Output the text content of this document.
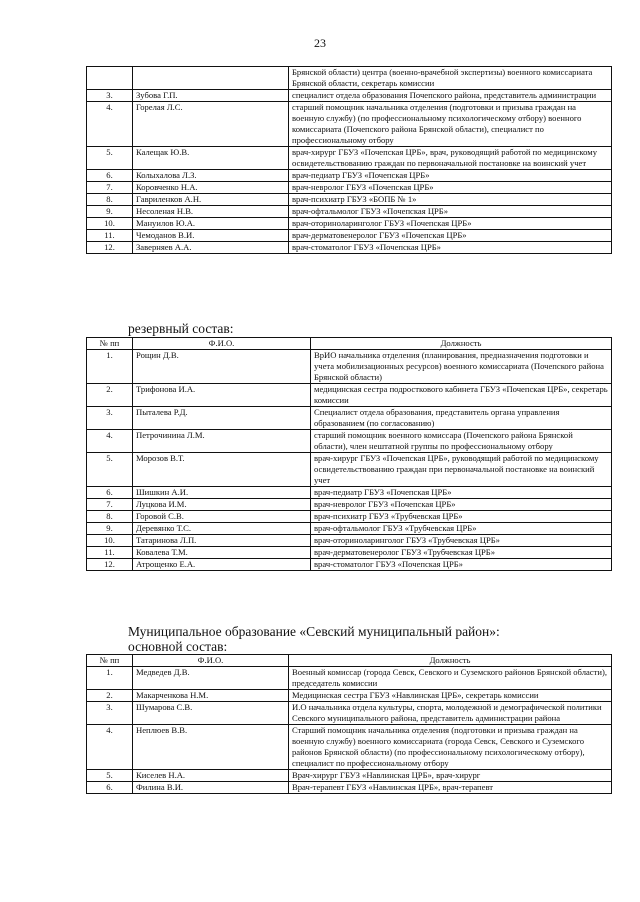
23
		Брянской области) центра (военно-врачебной экспертизы) военного комиссариата Брянской области, секретарь комиссии
3.	Зубова Г.П.	специалист отдела образования Почепского района, представитель администрации
4.	Горелая Л.С.	старший помощник начальника отделения (подготовки и призыва граждан на военную службу) (по профессиональному психологическому отбору) военного комиссариата (Почепского района Брянской области), специалист по профессиональному отбору
5.	Калещак Ю.В.	врач-хирург ГБУЗ «Почепская ЦРБ», врач, руководящий работой по медицинскому освидетельствованию граждан по первоначальной постановке на воинский учет
6.	Колыхалова Л.З.	врач-педиатр ГБУЗ «Почепская ЦРБ»
7.	Коровченко Н.А.	врач-невролог ГБУЗ «Почепская ЦРБ»
8.	Гавриленков А.Н.	врач-психиатр ГБУЗ «БОПБ № 1»
9.	Несоленая Н.В.	врач-офтальмолог ГБУЗ «Почепская ЦРБ»
10.	Мануилов Ю.А.	врач-оториноларинголог ГБУЗ «Почепская ЦРБ»
11.	Чемоданов В.И.	врач-дерматовенеролог ГБУЗ «Почепская ЦРБ»
12.	Заверняев А.А.	врач-стоматолог ГБУЗ «Почепская ЦРБ»
резервный состав:
№ пп	Ф.И.О.	Должность
1.	Рощин Д.В.	ВрИО начальника отделения (планирования, предназначения подготовки и учета мобилизационных ресурсов) военного комиссариата (Почепского района Брянской области)
2.	Трифонова И.А.	медицинская сестра подросткового кабинета ГБУЗ «Почепская ЦРБ», секретарь комиссии
3.	Пыталева Р.Д.	Специалист отдела образования, представитель органа управления образованием (по согласованию)
4.	Петрочинина Л.М.	старший помощник военного комиссара (Почепского района Брянской области), член нештатной группы по профессиональному отбору
5.	Морозов В.Т.	врач-хирург ГБУЗ «Почепская ЦРБ», руководящий работой по медицинскому освидетельствованию граждан при первоначальной постановке на воинский учет
6.	Шишкин А.И.	врач-педиатр ГБУЗ «Почепская ЦРБ»
7.	Луцкова И.М.	врач-невролог ГБУЗ «Почепская ЦРБ»
8.	Горовой С.В.	врач-психиатр ГБУЗ «Трубчевская ЦРБ»
9.	Деревянко Т.С.	врач-офтальмолог ГБУЗ «Трубчевская ЦРБ»
10.	Татаринова Л.П.	врач-оториноларинголог ГБУЗ «Трубчевская ЦРБ»
11.	Ковалева Т.М.	врач-дерматовенеролог ГБУЗ «Трубчевская ЦРБ»
12.	Атрощенко Е.А.	врач-стоматолог ГБУЗ «Почепская ЦРБ»
Муниципальное образование «Севский муниципальный район»:
основной состав:
№ пп	Ф.И.О.	Должность
1.	Медведев Д.В.	Военный комиссар (города Севск, Севского и Суземского районов Брянской области), председатель комиссии
2.	Макарченкова Н.М.	Медицинская сестра ГБУЗ «Навлинская ЦРБ», секретарь комиссии
3.	Шумарова С.В.	И.О начальника отдела культуры, спорта, молодежной и демографической политики Севского муниципального района, представитель администрации района
4.	Неплюев В.В.	Старший помощник начальника отделения (подготовки и призыва граждан на военную службу) военного комиссариата (города Севск, Севского и Суземского районов Брянской области) (по профессиональному психологическому отбору), специалист по профессиональному отбору
5.	Киселев Н.А.	Врач-хирург ГБУЗ «Навлинская ЦРБ», врач-хирург
6.	Филина В.И.	Врач-терапевт ГБУЗ «Навлинская ЦРБ», врач-терапевт
